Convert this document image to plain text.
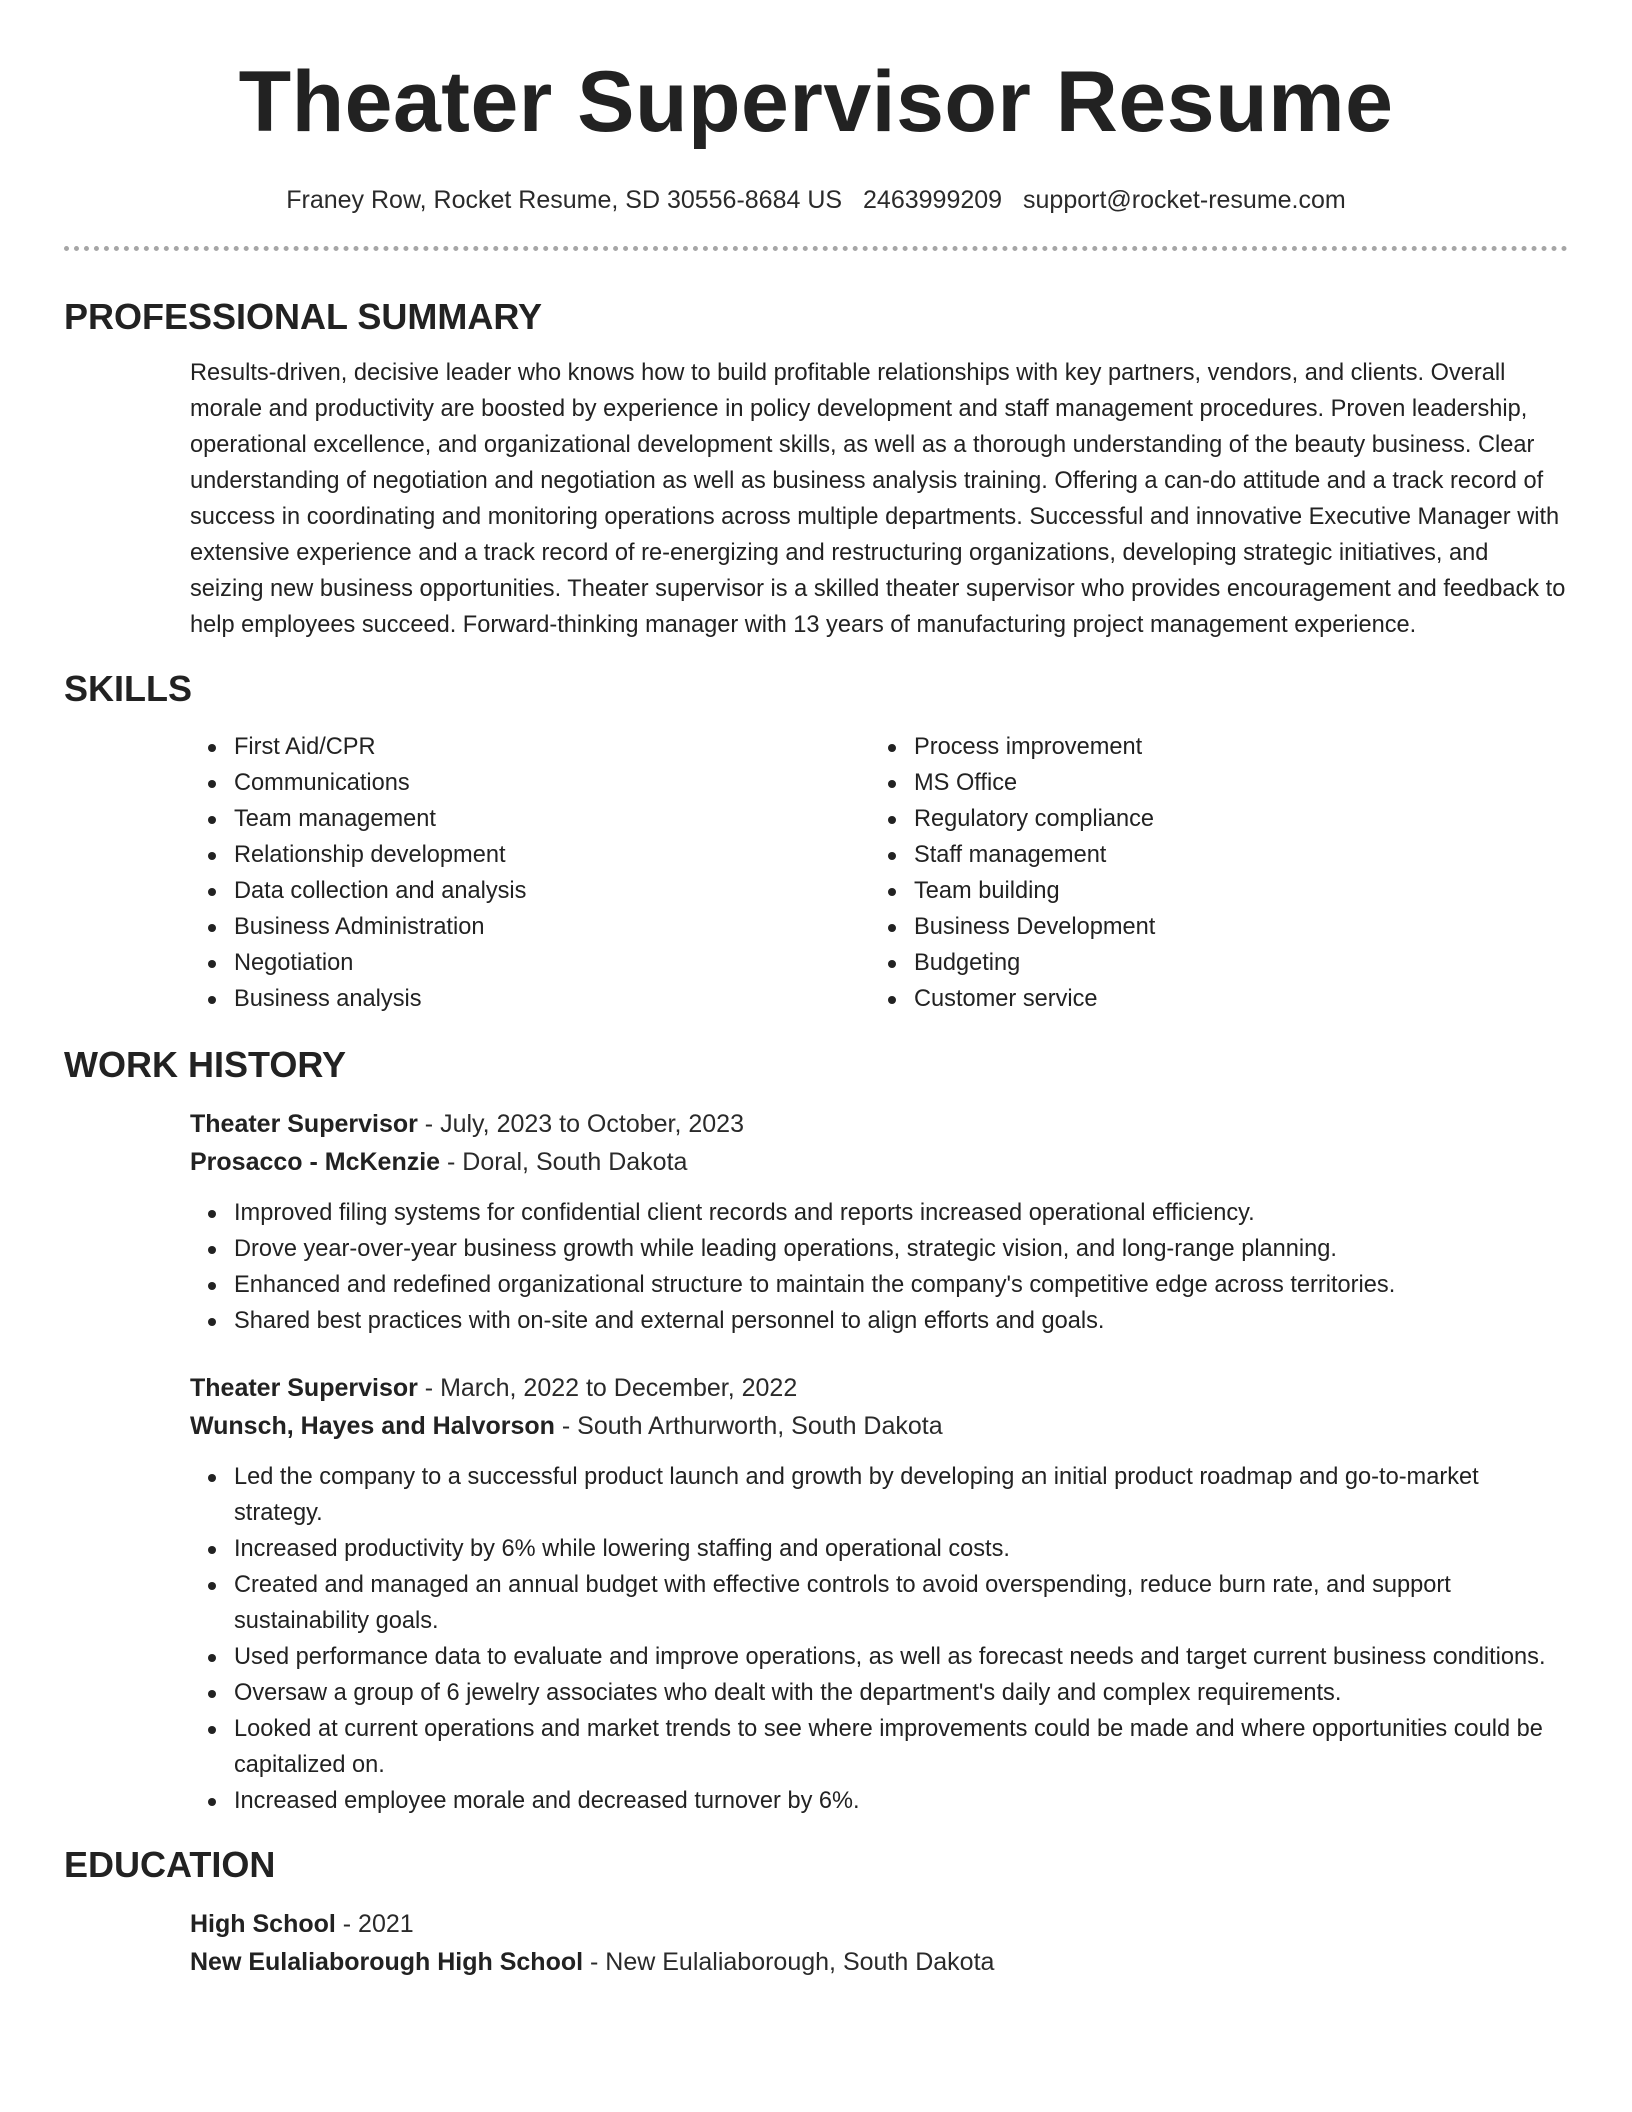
Theater Supervisor Resume
Franey Row, Rocket Resume, SD 30556-8684 US 2463999209 support@rocket-resume.com
PROFESSIONAL SUMMARY

Results-driven, decisive leader who knows how to build profitable relationships with key partners, vendors, and clients. Overall morale and productivity are boosted by experience in policy development and staff management procedures. Proven leadership, operational excellence, and organizational development skills, as well as a thorough understanding of the beauty business. Clear understanding of negotiation and negotiation as well as business analysis training. Offering a can-do attitude and a track record of success in coordinating and monitoring operations across multiple departments. Successful and innovative Executive Manager with extensive experience and a track record of re-energizing and restructuring organizations, developing strategic initiatives, and seizing new business opportunities. Theater supervisor is a skilled theater supervisor who provides encouragement and feedback to help employees succeed. Forward-thinking manager with 13 years of manufacturing project management experience.

SKILLS
First Aid/CPR
Communications
Team management
Relationship development
Data collection and analysis
Business Administration
Negotiation
Business analysis
Process improvement
MS Office
Regulatory compliance
Staff management
Team building
Business Development
Budgeting
Customer service
WORK HISTORY
Theater Supervisor - July, 2023 to October, 2023
Prosacco - McKenzie - Doral, South Dakota
Improved filing systems for confidential client records and reports increased operational efficiency.
Drove year-over-year business growth while leading operations, strategic vision, and long-range planning.
Enhanced and redefined organizational structure to maintain the company's competitive edge across territories.
Shared best practices with on-site and external personnel to align efforts and goals.
Theater Supervisor - March, 2022 to December, 2022
Wunsch, Hayes and Halvorson - South Arthurworth, South Dakota
Led the company to a successful product launch and growth by developing an initial product roadmap and go-to-market strategy.
Increased productivity by 6% while lowering staffing and operational costs.
Created and managed an annual budget with effective controls to avoid overspending, reduce burn rate, and support sustainability goals.
Used performance data to evaluate and improve operations, as well as forecast needs and target current business conditions.
Oversaw a group of 6 jewelry associates who dealt with the department's daily and complex requirements.
Looked at current operations and market trends to see where improvements could be made and where opportunities could be capitalized on.
Increased employee morale and decreased turnover by 6%.
EDUCATION
High School - 2021
New Eulaliaborough High School - New Eulaliaborough, South Dakota
